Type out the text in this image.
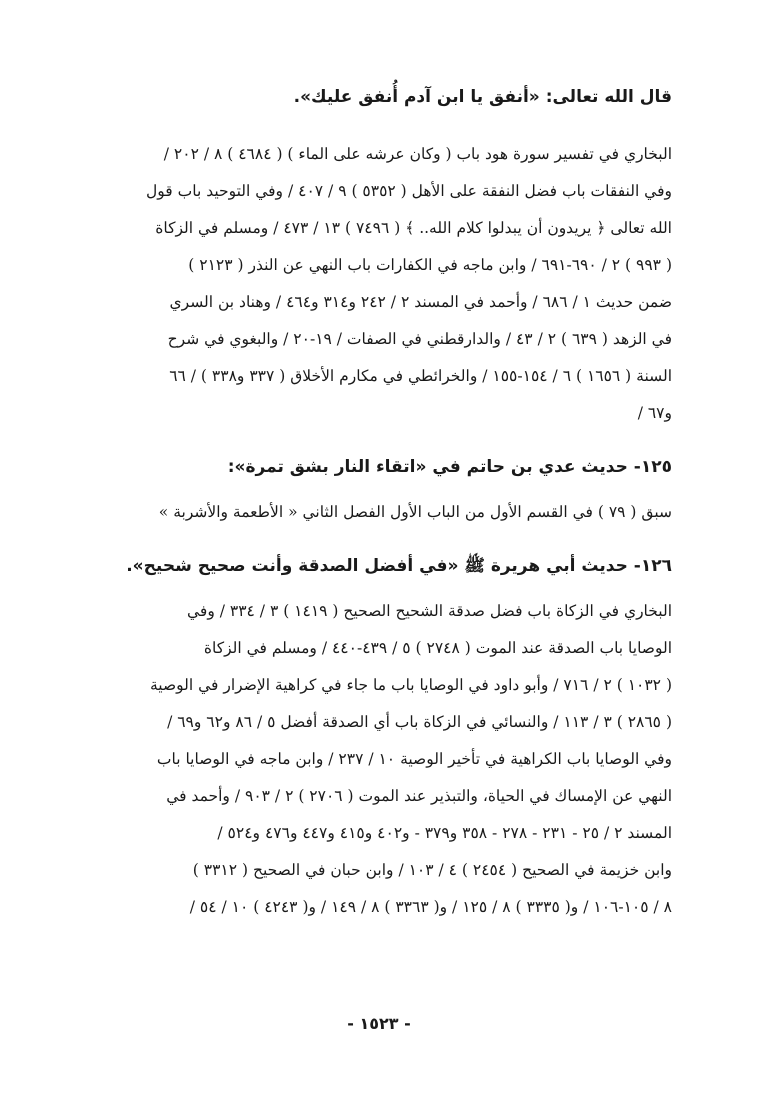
قال الله تعالى: «أنفق يا ابن آدم أُنفق عليك».

البخاري في تفسير سورة هود باب ( وكان عرشه على الماء ) ( ٤٦٨٤ ) ٨ / ٢٠٢ /
وفي النفقات باب فضل النفقة على الأهل ( ٥٣٥٢ ) ٩ / ٤٠٧ / وفي التوحيد باب قول
الله تعالى ﴿ يريدون أن يبدلوا كلام الله.. ﴾ ( ٧٤٩٦ ) ١٣ / ٤٧٣ / ومسلم في الزكاة
( ٩٩٣ ) ٢ / ٦٩٠-٦٩١ / وابن ماجه في الكفارات باب النهي عن النذر ( ٢١٢٣ )
ضمن حديث ١ / ٦٨٦ / وأحمد في المسند ٢ / ٢٤٢ و٣١٤ و٤٦٤ / وهناد بن السري
في الزهد ( ٦٣٩ ) ٢ / ٤٣ / والدارقطني في الصفات / ١٩-٢٠ / والبغوي في شرح
السنة ( ١٦٥٦ ) ٦ / ١٥٤-١٥٥ / والخرائطي في مكارم الأخلاق ( ٣٣٧ و٣٣٨ ) / ٦٦
و٦٧ /

١٢٥- حديث عدي بن حاتم في «اتقاء النار بشق تمرة»:

سبق ( ٧٩ ) في القسم الأول من الباب الأول الفصل الثاني « الأطعمة والأشربة »

١٢٦- حديث أبي هريرة ﷺ «في أفضل الصدقة وأنت صحيح شحيح».

البخاري في الزكاة باب فضل صدقة الشحيح الصحيح ( ١٤١٩ ) ٣ / ٣٣٤ / وفي
الوصايا باب الصدقة عند الموت ( ٢٧٤٨ ) ٥ / ٤٣٩-٤٤٠ / ومسلم في الزكاة
( ١٠٣٢ ) ٢ / ٧١٦ / وأبو داود في الوصايا باب ما جاء في كراهية الإضرار في الوصية
( ٢٨٦٥ ) ٣ / ١١٣ / والنسائي في الزكاة باب أي الصدقة أفضل ٥ / ٨٦ و٦٢ و٦٩ /
وفي الوصايا باب الكراهية في تأخير الوصية ١٠ / ٢٣٧ / وابن ماجه في الوصايا باب
النهي عن الإمساك في الحياة، والتبذير عند الموت ( ٢٧٠٦ ) ٢ / ٩٠٣ / وأحمد في
المسند ٢ / ٢٥ - ٢٣١ - ٢٧٨ - ٣٥٨ و٣٧٩ - و٤٠٢ و٤١٥ و٤٤٧ و٤٧٦ و٥٢٤ /
وابن خزيمة في الصحيح ( ٢٤٥٤ ) ٤ / ١٠٣ / وابن حبان في الصحيح ( ٣٣١٢ )
٨ / ١٠٥-١٠٦ / و( ٣٣٣٥ ) ٨ / ١٢٥ / و( ٣٣٦٣ ) ٨ / ١٤٩ / و( ٤٢٤٣ ) ١٠ / ٥٤ /

- ١٥٢٣ -
